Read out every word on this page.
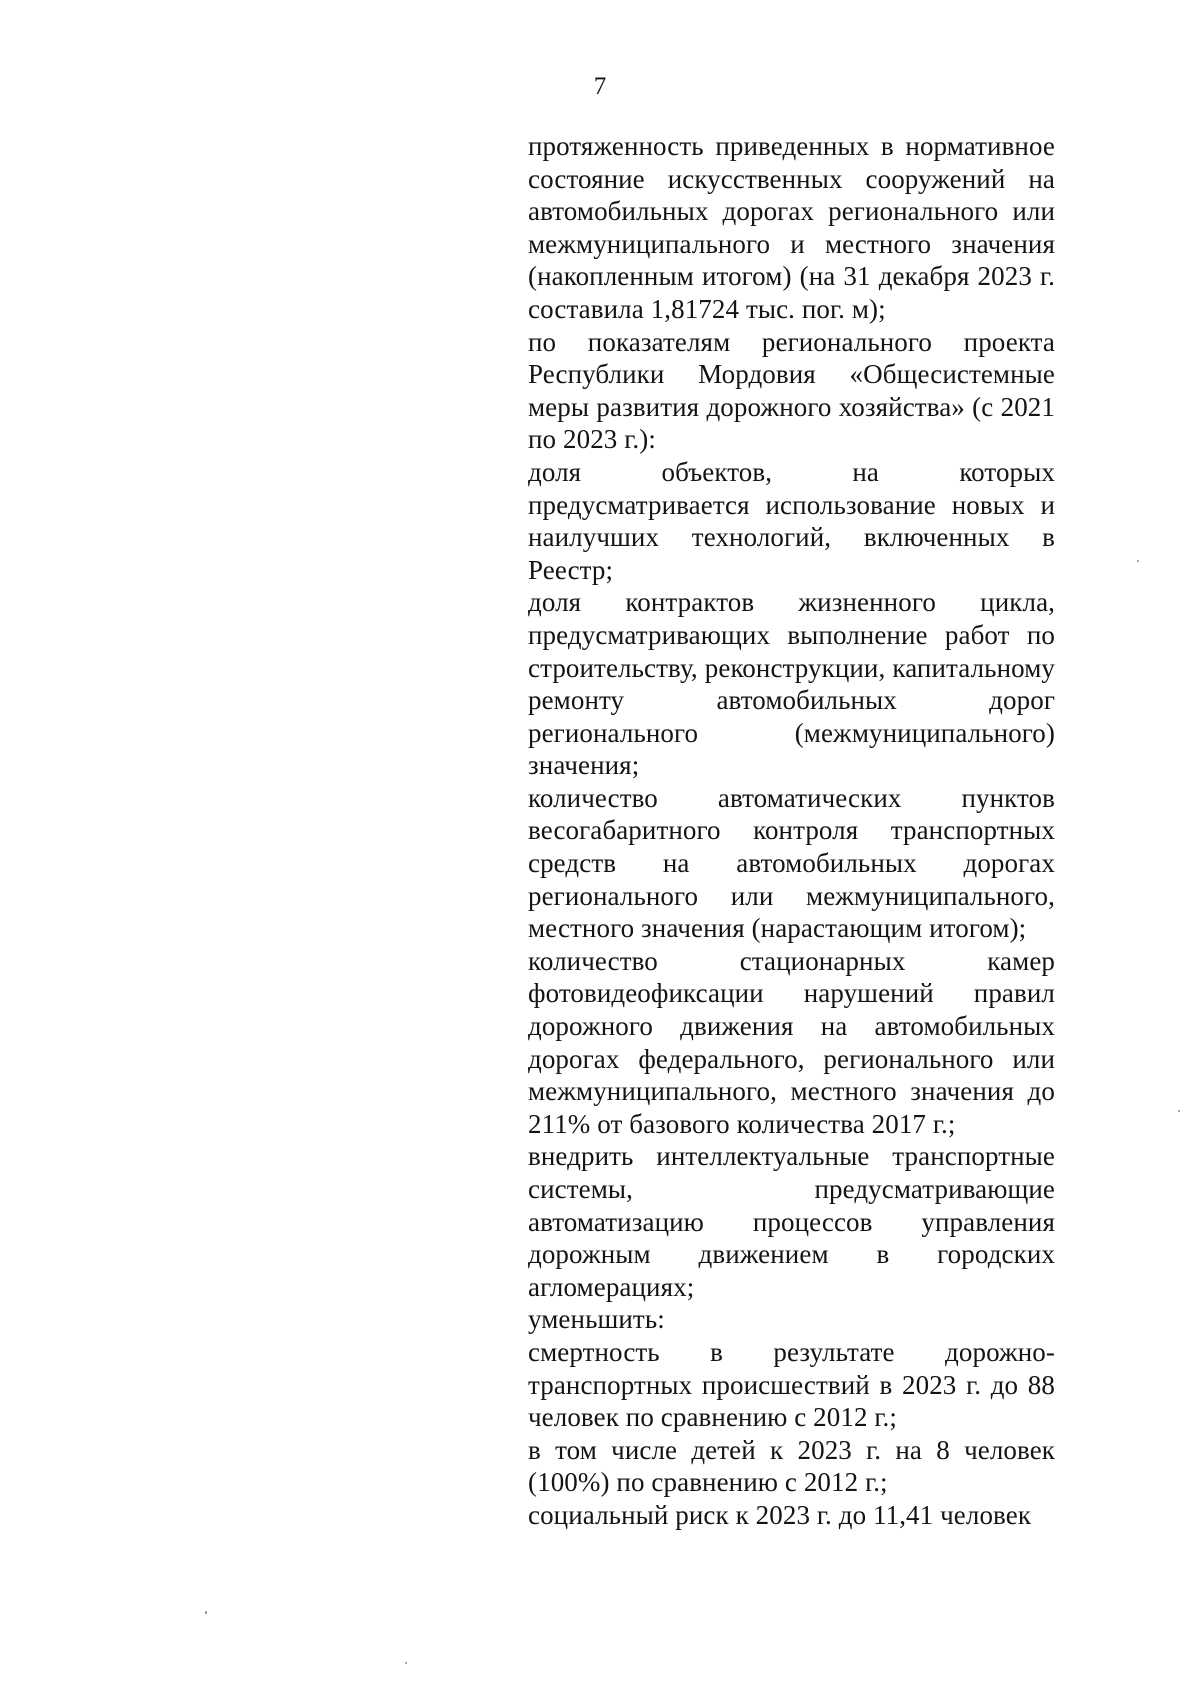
7

протяженность приведенных в нормативное состояние искусственных сооружений на автомобильных дорогах регионального или межмуниципального и местного значения (накопленным итогом) (на 31 декабря 2023 г. составила 1,81724 тыс. пог. м);

по показателям регионального проекта Республики Мордовия «Общесистемные меры развития дорожного хозяйства» (с 2021 по 2023 г.):

доля объектов, на которых предусматривается использование новых и наилучших технологий, включенных в Реестр;

доля контрактов жизненного цикла, предусматривающих выполнение работ по строительству, реконструкции, капитальному ремонту автомобильных дорог регионального (межмуниципального) значения;

количество автоматических пунктов весогабаритного контроля транспортных средств на автомобильных дорогах регионального или межмуниципального, местного значения (нарастающим итогом);

количество стационарных камер фотовидеофиксации нарушений правил дорожного движения на автомобильных дорогах федерального, регионального или межмуниципального, местного значения до 211% от базового количества 2017 г.;

внедрить интеллектуальные транспортные системы, предусматривающие автоматизацию процессов управления дорожным движением в городских агломерациях;

уменьшить:

смертность в результате дорожно-транспортных происшествий в 2023 г. до 88 человек по сравнению с 2012 г.;

в том числе детей к 2023 г. на 8 человек (100%) по сравнению с 2012 г.;

социальный риск к 2023 г. до 11,41 человек
